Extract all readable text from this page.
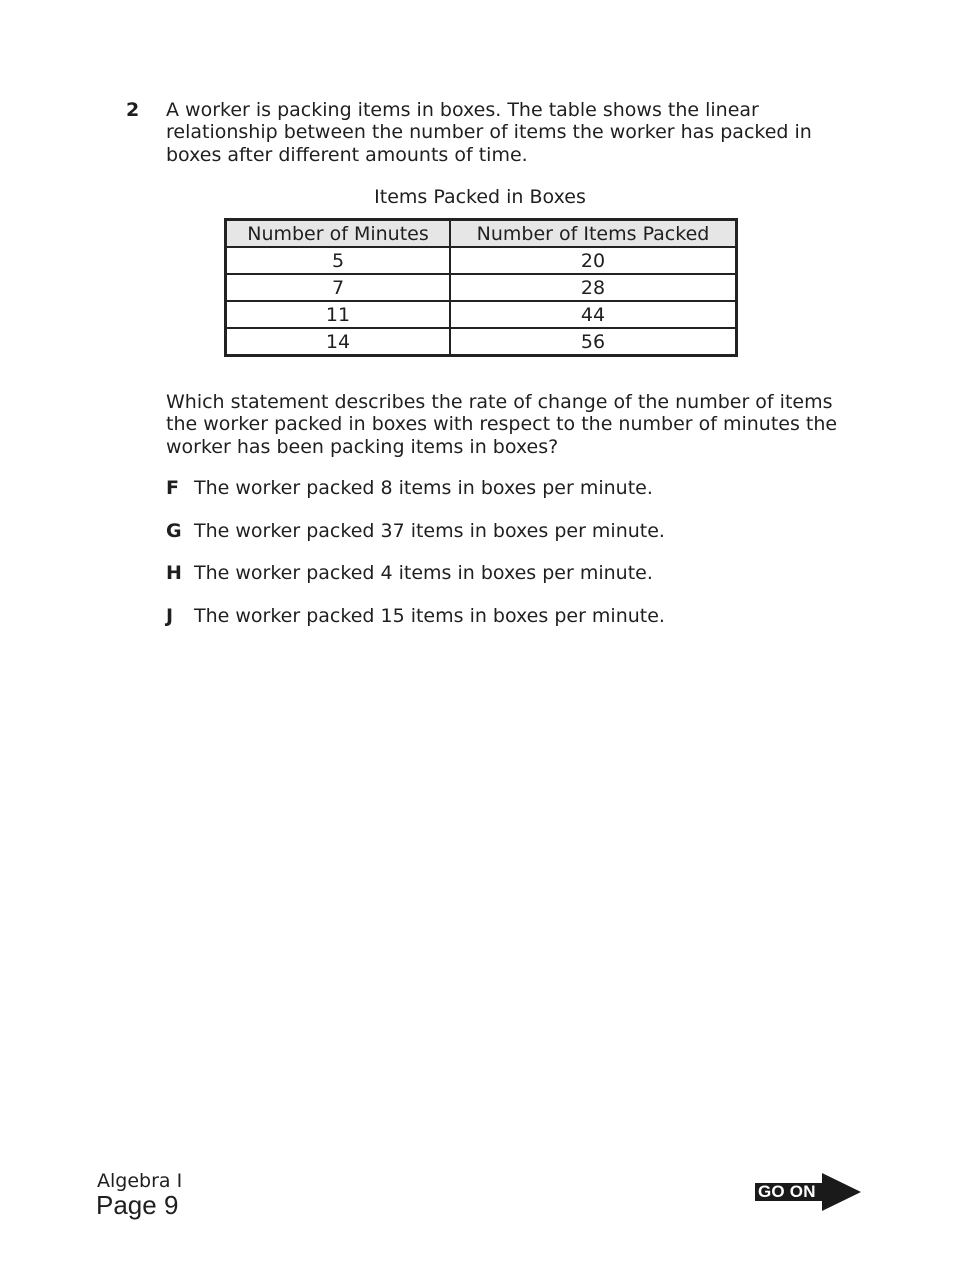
2 A worker is packing items in boxes. The table shows the linear relationship between the number of items the worker has packed in boxes after different amounts of time.

Items Packed in Boxes
Number of Minutes	Number of Items Packed
5	20
7	28
11	44
14	56

Which statement describes the rate of change of the number of items the worker packed in boxes with respect to the number of minutes the worker has been packing items in boxes?

F The worker packed 8 items in boxes per minute.
G The worker packed 37 items in boxes per minute.
H The worker packed 4 items in boxes per minute.
J The worker packed 15 items in boxes per minute.
Algebra I
Page 9	GO ON
